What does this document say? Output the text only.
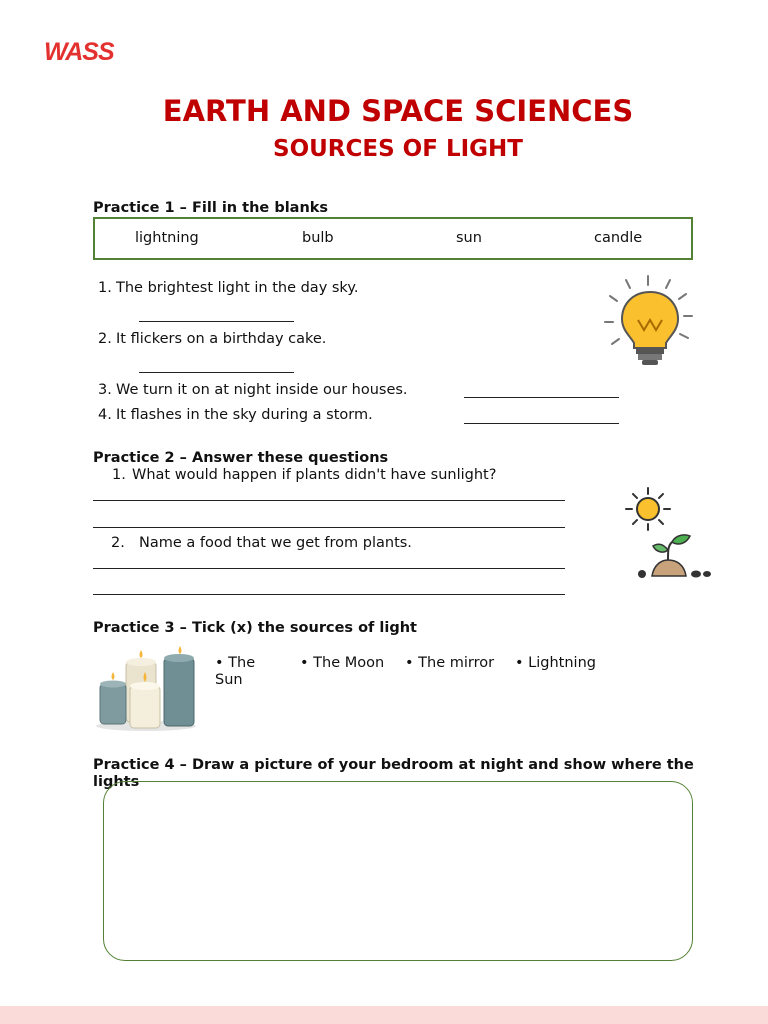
WASS
EARTH AND SPACE SCIENCES
SOURCES OF LIGHT
Practice 1 – Fill in the blanks
lightning	bulb	sun	candle
1. The brightest light in the day sky.
2. It flickers on a birthday cake.
3. We turn it on at night inside our houses.
4. It flashes in the sky during a storm.
Practice 2 – Answer these questions
1. What would happen if plants didn't have sunlight?
2. Name a food that we get from plants.
Practice 3 – Tick (x) the sources of light
• The Sun
• The Moon • The mirror • Lightning
Practice 4 – Draw a picture of your bedroom at night and show where the lights
